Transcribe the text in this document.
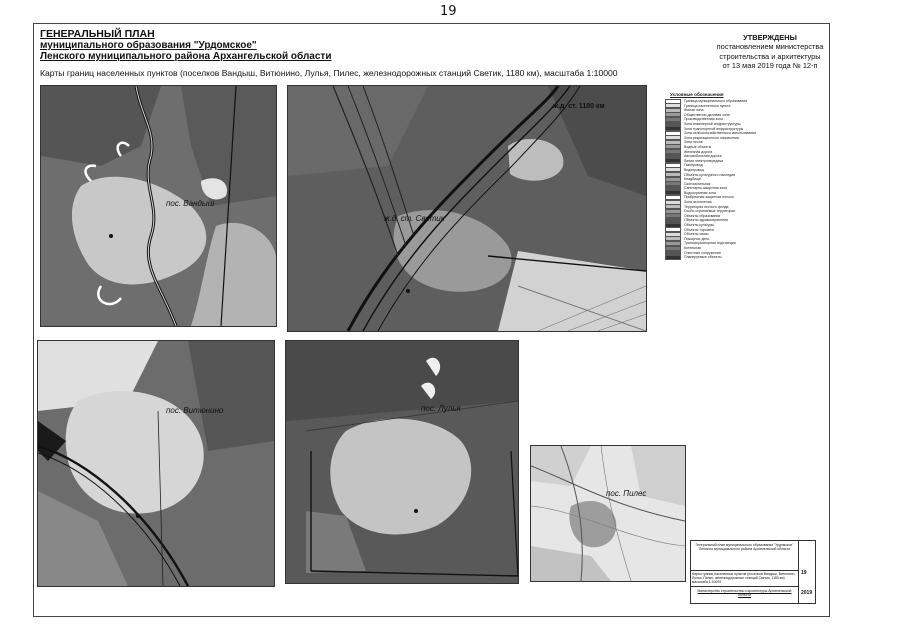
19
ГЕНЕРАЛЬНЫЙ ПЛАН
муниципального образования "Урдомское"
Ленского муниципального района Архангельской области
Карты границ населенных пунктов (поселков Вандыш, Витюнино, Лулья, Пилес, железнодорожных станций Светик, 1180 км), масштаба 1:10000
УТВЕРЖДЕНЫ
постановлением министерства
строительства и архитектуры
от 13 мая 2019 года № 12-п
пос. Вандыш
ж.д. ст. Светик
ж.д. ст. 1180 км
пос. Витюнино	пос. Лулья
пос. Пилес
Условные обозначения
Граница муниципального образования
Граница населенного пункта
Жилая зона
Общественно-деловая зона
Производственная зона
Зона инженерной инфраструктуры
Зона транспортной инфраструктуры
Зона сельскохозяйственного использования
Зона рекреационного назначения
Зона лесов
Водные объекты
Железная дорога
Автомобильная дорога
Линия электропередачи
Газопровод
Водопровод
Объекты культурного наследия
Кладбище
Скотомогильник
Санитарно-защитная зона
Водоохранная зона
Прибрежная защитная полоса
Зона затопления
Территория лесного фонда
Особо охраняемые территории
Объекты образования
Объекты здравоохранения
Объекты культуры
Объекты торговли
Объекты связи
Пожарное депо
Трансформаторная подстанция
Котельная
Очистные сооружения
Планируемые объекты
Генеральный план муниципального образования "Урдомское" Ленского муниципального района Архангельской области
Карты границ населенных пунктов (поселков Вандыш, Витюнино, Лулья, Пилес, железнодорожных станций Светик, 1180 км) масштаба 1:10000
Министерство строительства и архитектуры Архангельской области
19
2019
